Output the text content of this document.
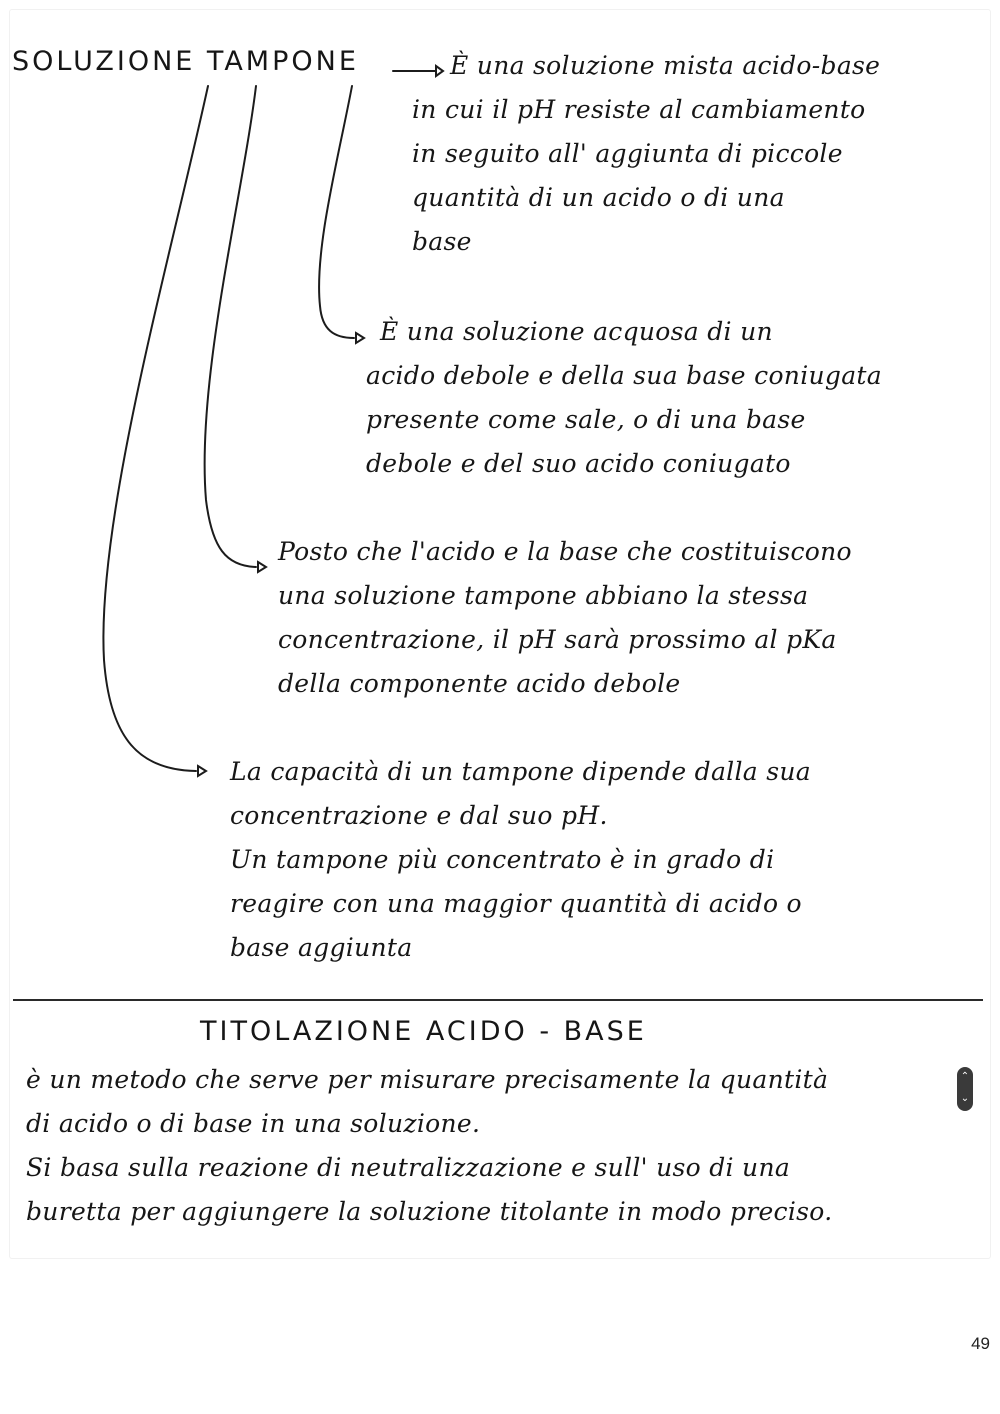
SOLUZIONE TAMPONE	È una soluzione mista acido-base
in cui il pH resiste al cambiamento
in seguito all' aggiunta di piccole
quantità di un acido o di una
base
È una soluzione acquosa di un
acido debole e della sua base coniugata
presente come sale, o di una base
debole e del suo acido coniugato
Posto che l'acido e la base che costituiscono
una soluzione tampone abbiano la stessa
concentrazione, il pH sarà prossimo al pKa
della componente acido debole
La capacità di un tampone dipende dalla sua
concentrazione e dal suo pH.
Un tampone più concentrato è in grado di
reagire con una maggior quantità di acido o
base aggiunta
TITOLAZIONE ACIDO - BASE
è un metodo che serve per misurare precisamente la quantità
di acido o di base in una soluzione.
Si basa sulla reazione di neutralizzazione e sull' uso di una
buretta per aggiungere la soluzione titolante in modo preciso.
⌃
⌄
49
